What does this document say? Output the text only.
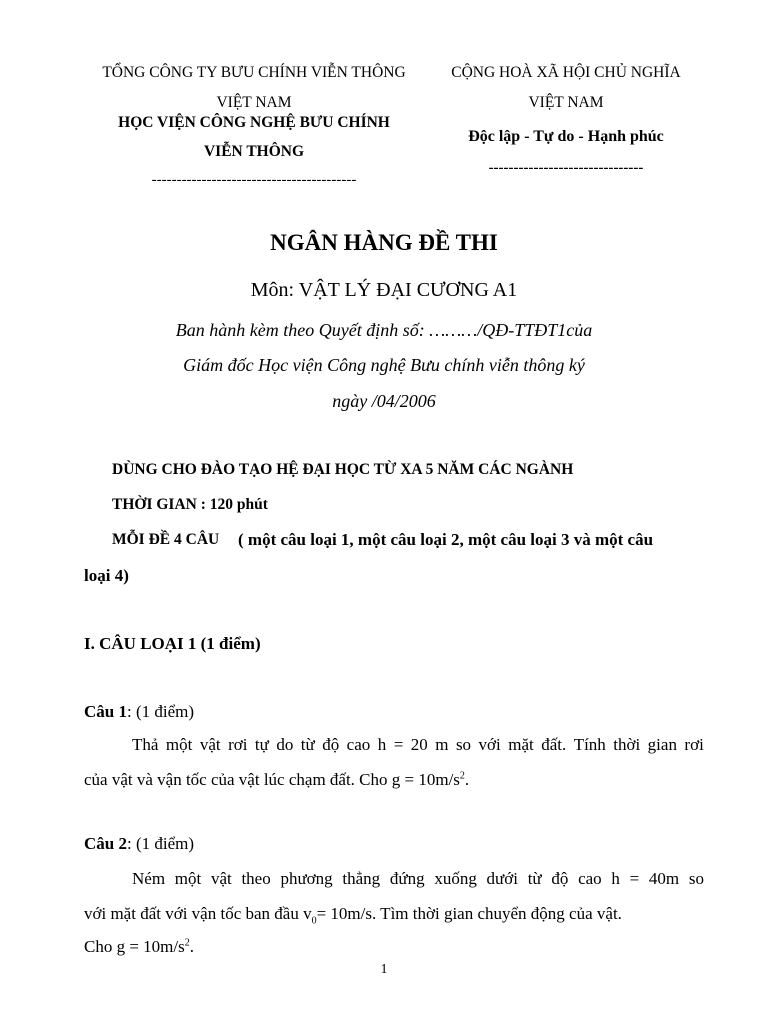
TỔNG CÔNG TY BƯU CHÍNH VIỄN THÔNG
VIỆT NAM
HỌC VIỆN CÔNG NGHỆ BƯU CHÍNH
VIỄN THÔNG
-----------------------------------------
CỘNG HOÀ XÃ HỘI CHỦ NGHĨA
VIỆT NAM
Độc lập - Tự do - Hạnh phúc
-------------------------------
NGÂN HÀNG ĐỀ THI
Môn: VẬT LÝ ĐẠI CƯƠNG A1
Ban hành kèm theo Quyết định số: ………/QĐ-TTĐT1của
Giám đốc Học viện Công nghệ Bưu chính viễn thông ký
ngày /04/2006
DÙNG CHO ĐÀO TẠO HỆ ĐẠI HỌC TỪ XA 5 NĂM CÁC NGÀNH
THỜI GIAN : 120 phút
MỖI ĐỀ 4 CÂU ( một câu loại 1, một câu loại 2, một câu loại 3 và một câu
loại 4)
I. CÂU LOẠI 1 (1 điểm)
Câu 1: (1 điểm)
Thả một vật rơi tự do từ độ cao h = 20 m so với mặt đất. Tính thời gian rơi
của vật và vận tốc của vật lúc chạm đất. Cho $g = 10m/s^2$.
Câu 2: (1 điểm)
Ném một vật theo phương thẳng đứng xuống dưới từ độ cao h = 40m so
với mặt đất với vận tốc ban đầu $v_0= 10m/s$. Tìm thời gian chuyển động của vật.
Cho $g = 10m/s^2$.
1
